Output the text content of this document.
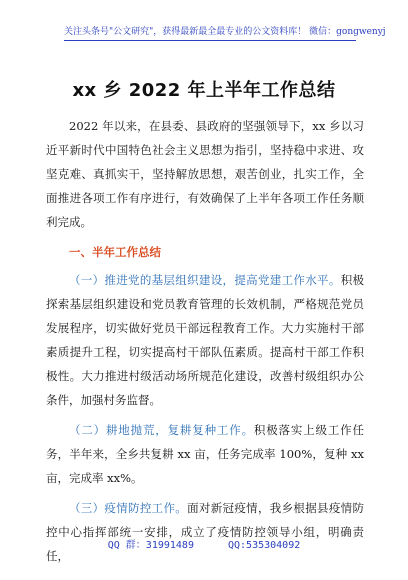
关注头条号"公文研究"，获得最新最全最专业的公文资料库！ 微信：gongwenyj
xx 乡 2022 年上半年工作总结

2022 年以来，在县委、县政府的坚强领导下，xx 乡以习近平新时代中国特色社会主义思想为指引，坚持稳中求进、攻坚克难、真抓实干，坚持解放思想，艰苦创业，扎实工作，全面推进各项工作有序进行，有效确保了上半年各项工作任务顺利完成。

一、半年工作总结

（一）推进党的基层组织建设，提高党建工作水平。积极探索基层组织建设和党员教育管理的长效机制，严格规范党员发展程序，切实做好党员干部远程教育工作。大力实施村干部素质提升工程，切实提高村干部队伍素质。提高村干部工作积极性。大力推进村级活动场所规范化建设，改善村级组织办公条件，加强村务监督。

（二）耕地抛荒，复耕复种工作。积极落实上级工作任务，半年来，全乡共复耕 xx 亩，任务完成率 100%，复种 xx 亩，完成率 xx%。

（三）疫情防控工作。面对新冠疫情，我乡根据县疫情防控中心指挥部统一安排，成立了疫情防控领导小组，明确责任，

QQ 群：31991489	QQ:535304092
